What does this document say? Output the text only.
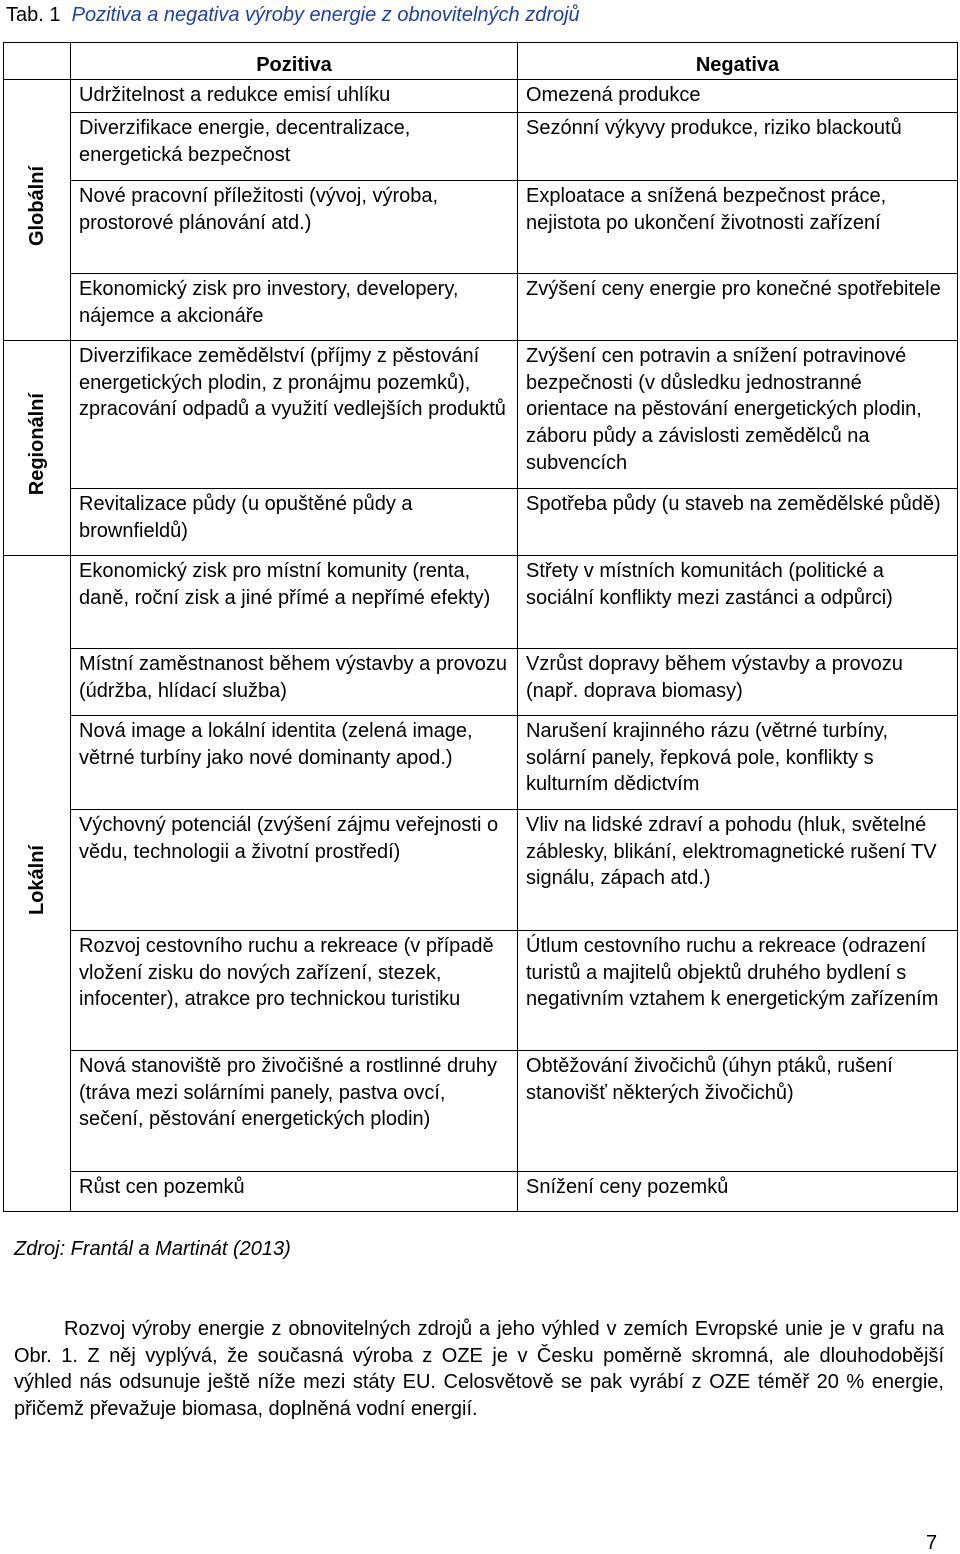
Tab. 1 Pozitiva a negativa výroby energie z obnovitelných zdrojů
	Pozitiva	Negativa
Globální	Udržitelnost a redukce emisí uhlíku	Omezená produkce
	Diverzifikace energie, decentralizace, energetická bezpečnost	Sezónní výkyvy produkce, riziko blackoutů
	Nové pracovní příležitosti (vývoj, výroba, prostorové plánování atd.)	Exploatace a snížená bezpečnost práce, nejistota po ukončení životnosti zařízení
	Ekonomický zisk pro investory, developery, nájemce a akcionáře	Zvýšení ceny energie pro konečné spotřebitele
Regionální	Diverzifikace zemědělství (příjmy z pěstování energetických plodin, z pronájmu pozemků), zpracování odpadů a využití vedlejších produktů	Zvýšení cen potravin a snížení potravinové bezpečnosti (v důsledku jednostranné orientace na pěstování energetických plodin, záboru půdy a závislosti zemědělců na subvencích
	Revitalizace půdy (u opuštěné půdy a brownfieldů)	Spotřeba půdy (u staveb na zemědělské půdě)
Lokální	Ekonomický zisk pro místní komunity (renta, daně, roční zisk a jiné přímé a nepřímé efekty)	Střety v místních komunitách (politické a sociální konflikty mezi zastánci a odpůrci)
	Místní zaměstnanost během výstavby a provozu (údržba, hlídací služba)	Vzrůst dopravy během výstavby a provozu (např. doprava biomasy)
	Nová image a lokální identita (zelená image, větrné turbíny jako nové dominanty apod.)	Narušení krajinného rázu (větrné turbíny, solární panely, řepková pole, konflikty s kulturním dědictvím
	Výchovný potenciál (zvýšení zájmu veřejnosti o vědu, technologii a životní prostředí)	Vliv na lidské zdraví a pohodu (hluk, světelné záblesky, blikání, elektromagnetické rušení TV signálu, zápach atd.)
	Rozvoj cestovního ruchu a rekreace (v případě vložení zisku do nových zařízení, stezek, infocenter), atrakce pro technickou turistiku	Útlum cestovního ruchu a rekreace (odrazení turistů a majitelů objektů druhého bydlení s negativním vztahem k energetickým zařízením
	Nová stanoviště pro živočišné a rostlinné druhy (tráva mezi solárními panely, pastva ovcí, sečení, pěstování energetických plodin)	Obtěžování živočichů (úhyn ptáků, rušení stanovišť některých živočichů)
	Růst cen pozemků	Snížení ceny pozemků
Zdroj: Frantál a Martinát (2013)

Rozvoj výroby energie z obnovitelných zdrojů a jeho výhled v zemích Evropské unie je v grafu na Obr. 1. Z něj vyplývá, že současná výroba z OZE je v Česku poměrně skromná, ale dlouhodobější výhled nás odsunuje ještě níže mezi státy EU. Celosvětově se pak vyrábí z OZE téměř 20 % energie, přičemž převažuje biomasa, doplněná vodní energií.

7
